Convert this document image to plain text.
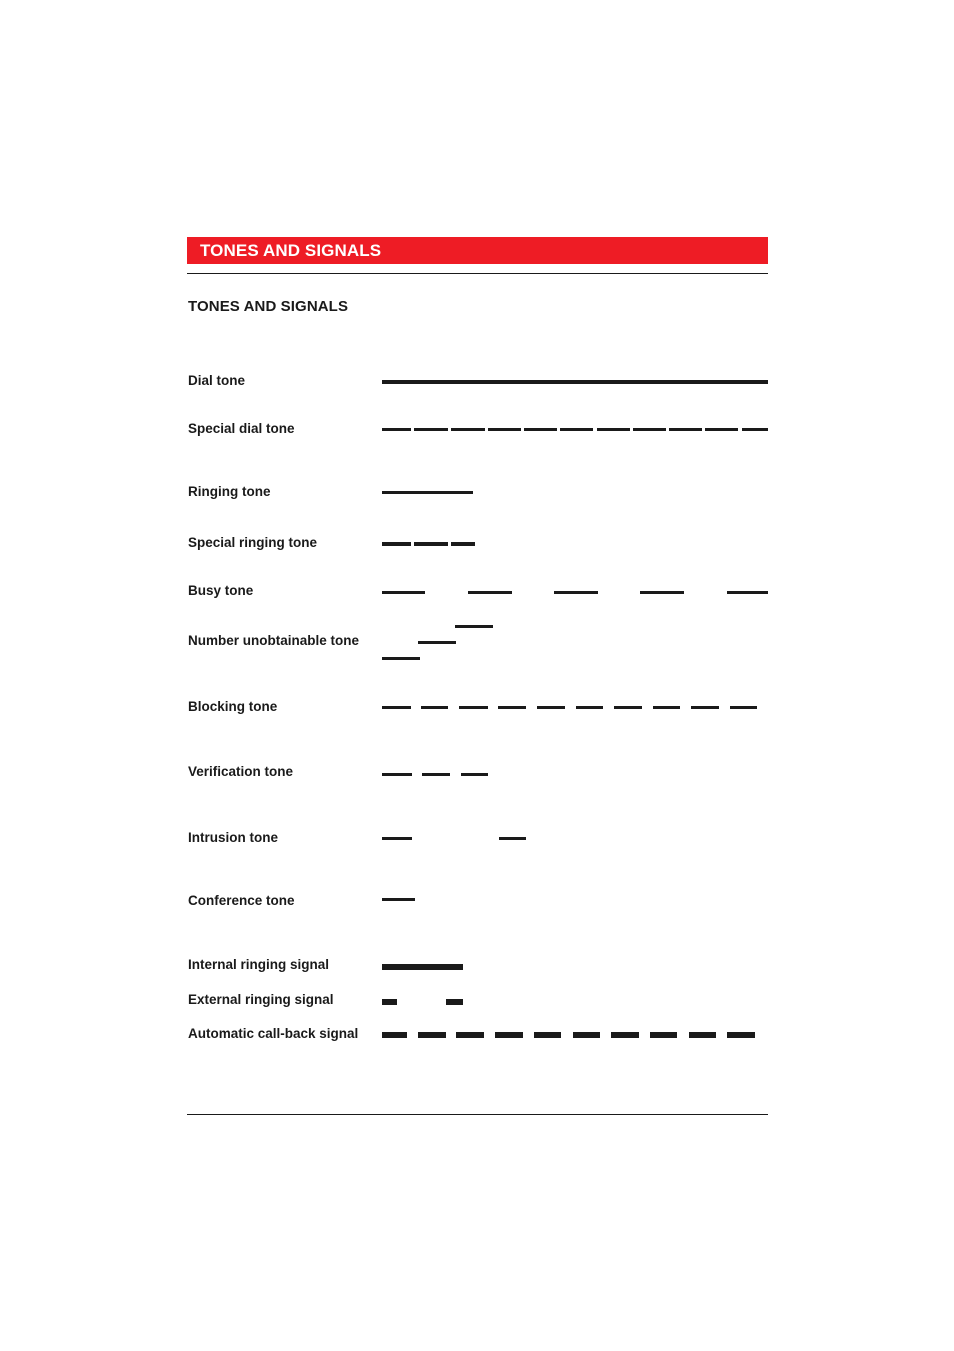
TONES AND SIGNALS
TONES AND SIGNALS
Dial tone
Special dial tone
Ringing tone
Special ringing tone
Busy tone
Number unobtainable tone
Blocking tone
Verification tone
Intrusion tone
Conference tone
Internal ringing signal
External ringing signal
Automatic call-back signal
